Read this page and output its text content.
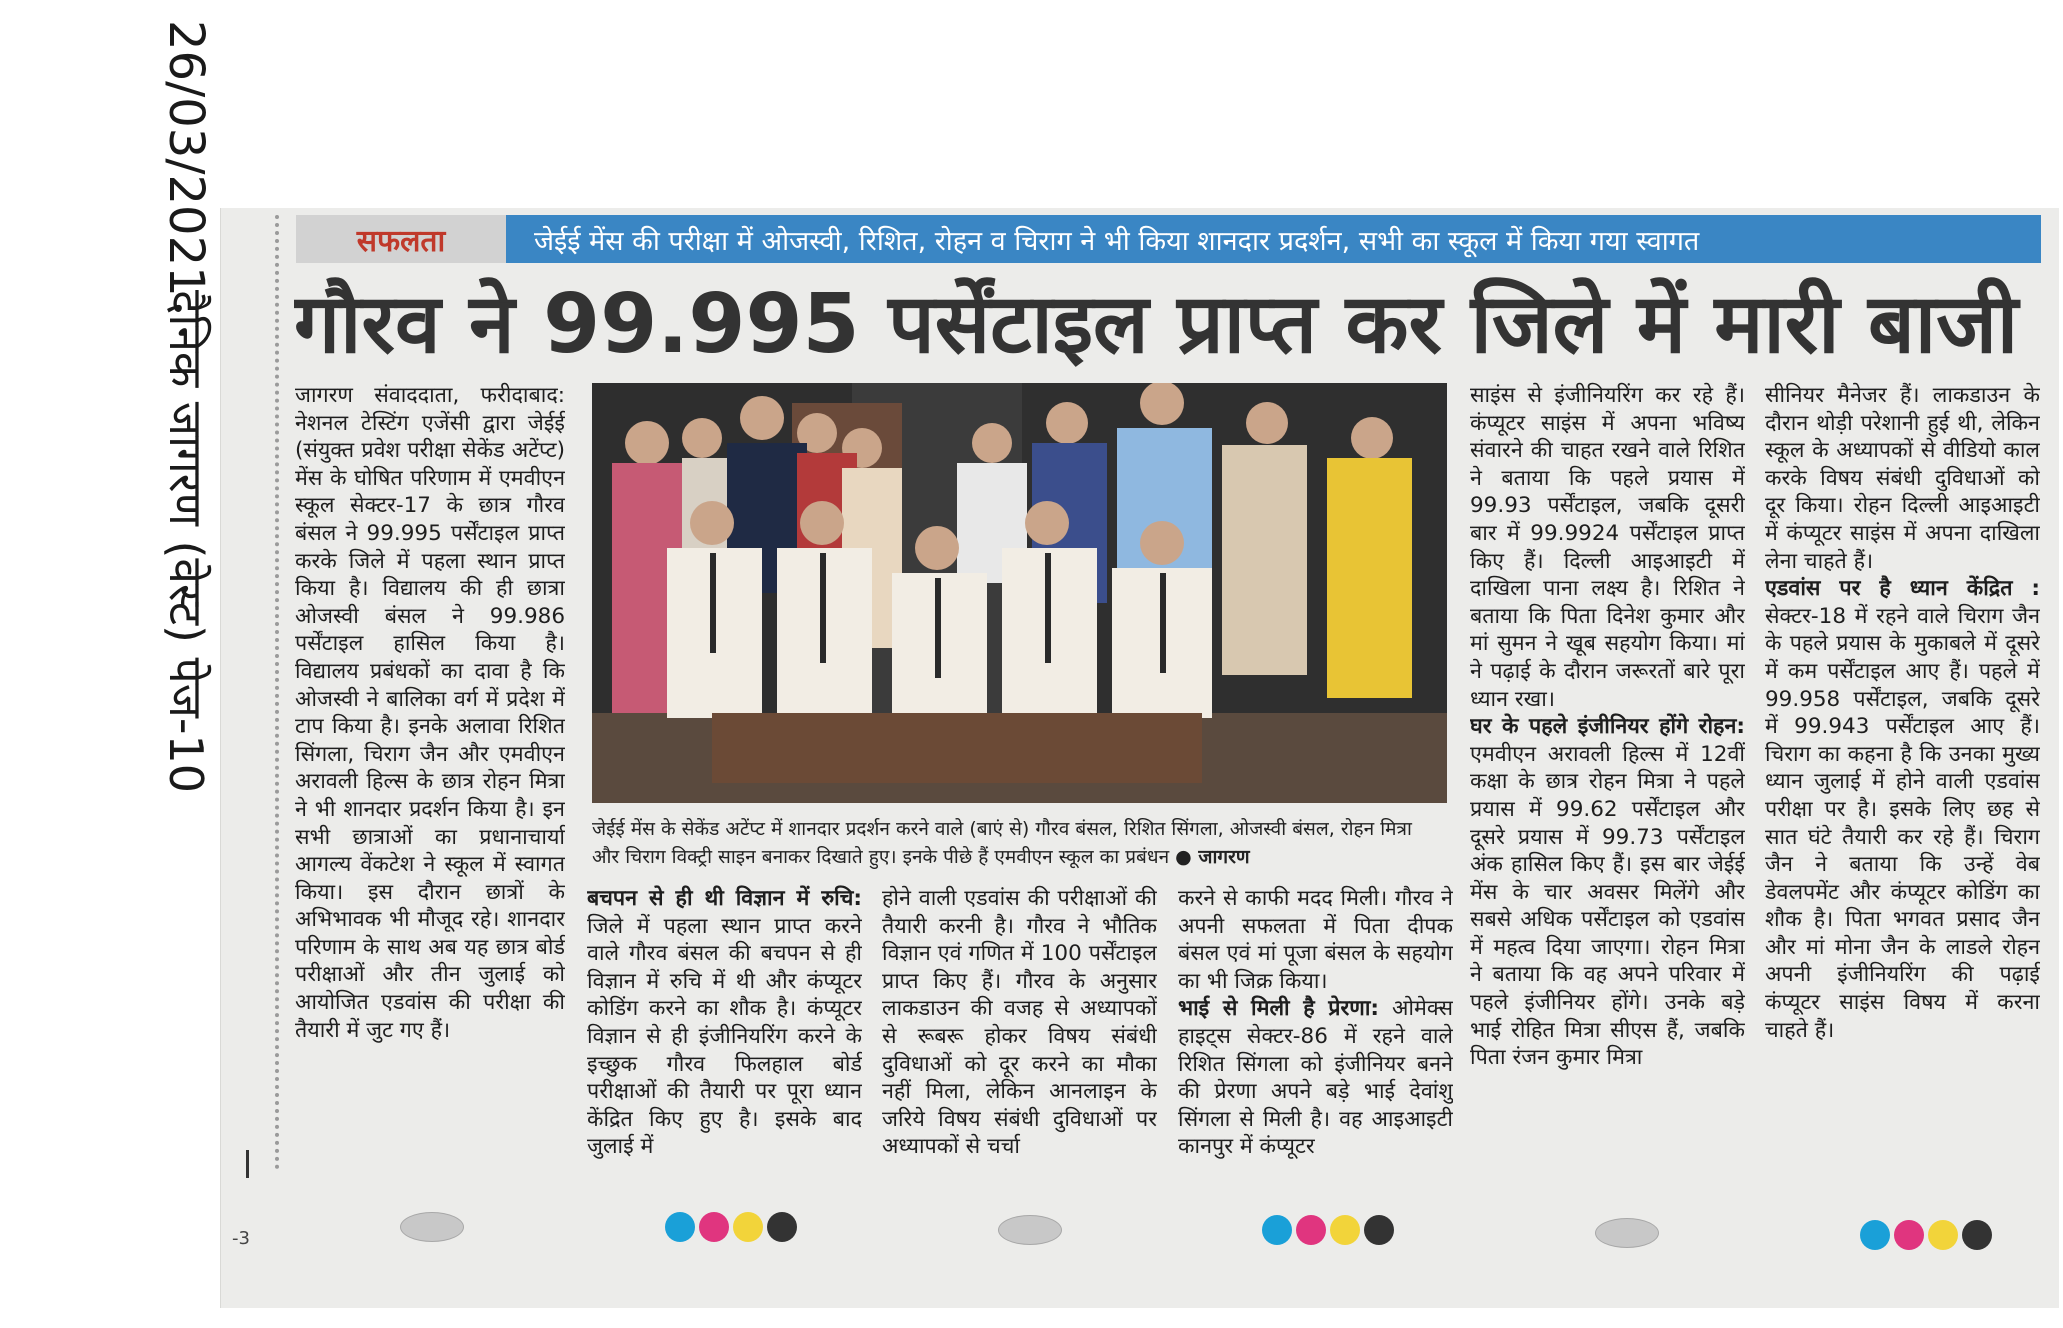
26/03/2021
दैनिक जागरण (वेस्ट) पेज-10
सफलता	जेईई मेंस की परीक्षा में ओजस्वी, रिशित, रोहन व चिराग ने भी किया शानदार प्रदर्शन, सभी का स्कूल में किया गया स्वागत
गौरव ने 99.995 पर्सेंटाइल प्राप्त कर जिले में मारी बाजी

जागरण संवाददाता, फरीदाबाद: नेशनल टेस्टिंग एजेंसी द्वारा जेईई (संयुक्त प्रवेश परीक्षा सेकेंड अटेंप्ट) मेंस के घोषित परिणाम में एमवीएन स्कूल सेक्टर-17 के छात्र गौरव बंसल ने 99.995 पर्सेंटाइल प्राप्त करके जिले में पहला स्थान प्राप्त किया है। विद्यालय की ही छात्रा ओजस्वी बंसल ने 99.986 पर्सेंटाइल हासिल किया है। विद्यालय प्रबंधकों का दावा है कि ओजस्वी ने बालिका वर्ग में प्रदेश में टाप किया है। इनके अलावा रिशित सिंगला, चिराग जैन और एमवीएन अरावली हिल्स के छात्र रोहन मित्रा ने भी शानदार प्रदर्शन किया है। इन सभी छात्राओं का प्रधानाचार्या आगल्य वेंकटेश ने स्कूल में स्वागत किया। इस दौरान छात्रों के अभिभावक भी मौजूद रहे। शानदार परिणाम के साथ अब यह छात्र बोर्ड परीक्षाओं और तीन जुलाई को आयोजित एडवांस की परीक्षा की तैयारी में जुट गए हैं।

जेईई मेंस के सेकेंड अटेंप्ट में शानदार प्रदर्शन करने वाले (बाएं से) गौरव बंसल, रिशित सिंगला, ओजस्वी बंसल, रोहन मित्रा
और चिराग विक्ट्री साइन बनाकर दिखाते हुए। इनके पीछे हैं एमवीएन स्कूल का प्रबंधन ● जागरण

बचपन से ही थी विज्ञान में रुचि: जिले में पहला स्थान प्राप्त करने वाले गौरव बंसल की बचपन से ही विज्ञान में रुचि में थी और कंप्यूटर कोडिंग करने का शौक है। कंप्यूटर विज्ञान से ही इंजीनियरिंग करने के इच्छुक गौरव फिलहाल बोर्ड परीक्षाओं की तैयारी पर पूरा ध्यान केंद्रित किए हुए है। इसके बाद जुलाई में

होने वाली एडवांस की परीक्षाओं की तैयारी करनी है। गौरव ने भौतिक विज्ञान एवं गणित में 100 पर्सेंटाइल प्राप्त किए हैं। गौरव के अनुसार लाकडाउन की वजह से अध्यापकों से रूबरू होकर विषय संबंधी दुविधाओं को दूर करने का मौका नहीं मिला, लेकिन आनलाइन के जरिये विषय संबंधी दुविधाओं पर अध्यापकों से चर्चा

करने से काफी मदद मिली। गौरव ने अपनी सफलता में पिता दीपक बंसल एवं मां पूजा बंसल के सहयोग का भी जिक्र किया।

भाई से मिली है प्रेरणा: ओमेक्स हाइट्स सेक्टर-86 में रहने वाले रिशित सिंगला को इंजीनियर बनने की प्रेरणा अपने बड़े भाई देवांशु सिंगला से मिली है। वह आइआइटी कानपुर में कंप्यूटर

साइंस से इंजीनियरिंग कर रहे हैं। कंप्यूटर साइंस में अपना भविष्य संवारने की चाहत रखने वाले रिशित ने बताया कि पहले प्रयास में 99.93 पर्सेंटाइल, जबकि दूसरी बार में 99.9924 पर्सेंटाइल प्राप्त किए हैं। दिल्ली आइआइटी में दाखिला पाना लक्ष्य है। रिशित ने बताया कि पिता दिनेश कुमार और मां सुमन ने खूब सहयोग किया। मां ने पढ़ाई के दौरान जरूरतों बारे पूरा ध्यान रखा।

घर के पहले इंजीनियर होंगे रोहन: एमवीएन अरावली हिल्स में 12वीं कक्षा के छात्र रोहन मित्रा ने पहले प्रयास में 99.62 पर्सेंटाइल और दूसरे प्रयास में 99.73 पर्सेंटाइल अंक हासिल किए हैं। इस बार जेईई मेंस के चार अवसर मिलेंगे और सबसे अधिक पर्सेंटाइल को एडवांस में महत्व दिया जाएगा। रोहन मित्रा ने बताया कि वह अपने परिवार में पहले इंजीनियर होंगे। उनके बड़े भाई रोहित मित्रा सीएस हैं, जबकि पिता रंजन कुमार मित्रा

सीनियर मैनेजर हैं। लाकडाउन के दौरान थोड़ी परेशानी हुई थी, लेकिन स्कूल के अध्यापकों से वीडियो काल करके विषय संबंधी दुविधाओं को दूर किया। रोहन दिल्ली आइआइटी में कंप्यूटर साइंस में अपना दाखिला लेना चाहते हैं।

एडवांस पर है ध्यान केंद्रित : सेक्टर-18 में रहने वाले चिराग जैन के पहले प्रयास के मुकाबले में दूसरे में कम पर्सेंटाइल आए हैं। पहले में 99.958 पर्सेंटाइल, जबकि दूसरे में 99.943 पर्सेंटाइल आए हैं। चिराग का कहना है कि उनका मुख्य ध्यान जुलाई में होने वाली एडवांस परीक्षा पर है। इसके लिए छह से सात घंटे तैयारी कर रहे हैं। चिराग जैन ने बताया कि उन्हें वेब डेवलपमेंट और कंप्यूटर कोडिंग का शौक है। पिता भगवत प्रसाद जैन और मां मोना जैन के लाडले रोहन अपनी इंजीनियरिंग की पढ़ाई कंप्यूटर साइंस विषय में करना चाहते हैं।

-3
